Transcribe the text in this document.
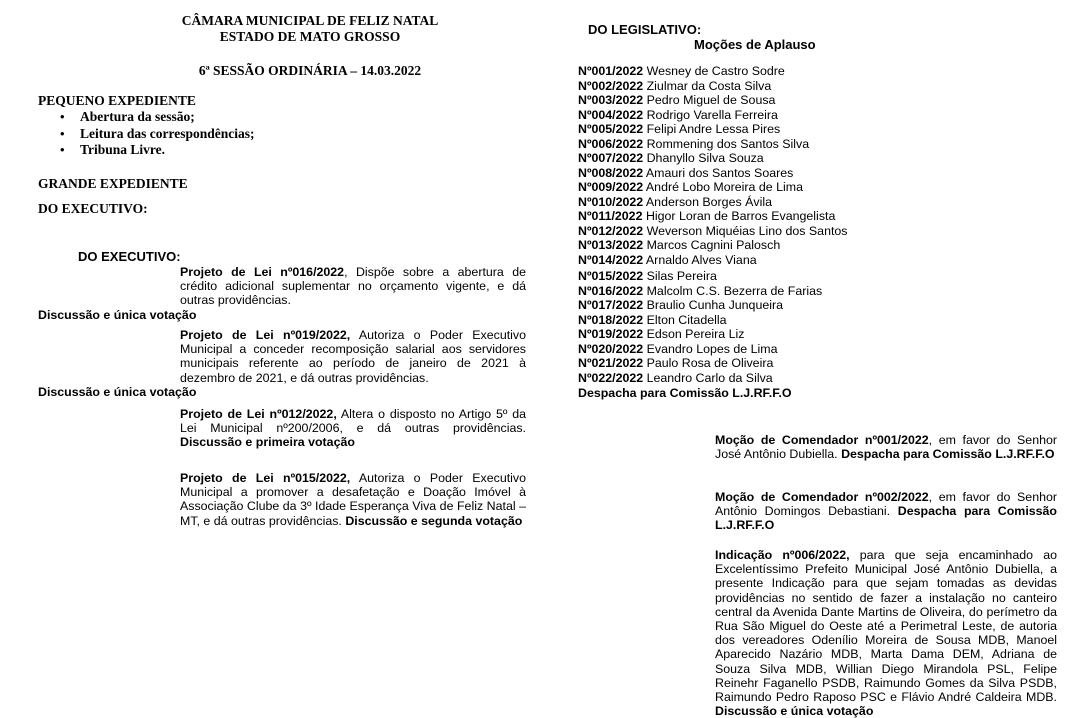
CÂMARA MUNICIPAL DE FELIZ NATAL
ESTADO DE MATO GROSSO
6ª SESSÃO ORDINÁRIA – 14.03.2022
PEQUENO EXPEDIENTE
• Abertura da sessão;
• Leitura das correspondências;
• Tribuna Livre.
GRANDE EXPEDIENTE
DO EXECUTIVO:
DO EXECUTIVO:
Projeto de Lei nº016/2022, Dispõe sobre a abertura de crédito adicional suplementar no orçamento vigente, e dá outras providências.
Discussão e única votação
Projeto de Lei nº019/2022, Autoriza o Poder Executivo Municipal a conceder recomposição salarial aos servidores municipais referente ao período de janeiro de 2021 à dezembro de 2021, e dá outras providências.
Discussão e única votação
Projeto de Lei nº012/2022, Altera o disposto no Artigo 5º da Lei Municipal nº200/2006, e dá outras providências. Discussão e primeira votação
Projeto de Lei nº015/2022, Autoriza o Poder Executivo Municipal a promover a desafetação e Doação Imóvel à Associação Clube da 3º Idade Esperança Viva de Feliz Natal – MT, e dá outras providências. Discussão e segunda votação
DO LEGISLATIVO:
Moções de Aplauso
Nº001/2022 Wesney de Castro Sodre
Nº002/2022 Ziulmar da Costa Silva
Nº003/2022 Pedro Miguel de Sousa
Nº004/2022 Rodrigo Varella Ferreira
Nº005/2022 Felipi Andre Lessa Pires
Nº006/2022 Rommening dos Santos Silva
Nº007/2022 Dhanyllo Silva Souza
Nº008/2022 Amauri dos Santos Soares
Nº009/2022 André Lobo Moreira de Lima
Nº010/2022 Anderson Borges Ávila
Nº011/2022 Higor Loran de Barros Evangelista
Nº012/2022 Weverson Miquéias Lino dos Santos
Nº013/2022 Marcos Cagnini Palosch
Nº014/2022 Arnaldo Alves Viana
Nº015/2022 Silas Pereira
Nº016/2022 Malcolm C.S. Bezerra de Farias
Nº017/2022 Braulio Cunha Junqueira
Nº018/2022 Elton Citadella
Nº019/2022 Edson Pereira Liz
Nº020/2022 Evandro Lopes de Lima
Nº021/2022 Paulo Rosa de Oliveira
Nº022/2022 Leandro Carlo da Silva
Despacha para Comissão L.J.RF.F.O
Moção de Comendador nº001/2022, em favor do Senhor José Antônio Dubiella. Despacha para Comissão L.J.RF.F.O
Moção de Comendador nº002/2022, em favor do Senhor Antônio Domingos Debastiani. Despacha para Comissão L.J.RF.F.O
Indicação nº006/2022, para que seja encaminhado ao Excelentíssimo Prefeito Municipal José Antônio Dubiella, a presente Indicação para que sejam tomadas as devidas providências no sentido de fazer a instalação no canteiro central da Avenida Dante Martins de Oliveira, do perímetro da Rua São Miguel do Oeste até a Perimetral Leste, de autoria dos vereadores Odenílio Moreira de Sousa MDB, Manoel Aparecido Nazário MDB, Marta Dama DEM, Adriana de Souza Silva MDB, Willian Diego Mirandola PSL, Felipe Reinehr Faganello PSDB, Raimundo Gomes da Silva PSDB, Raimundo Pedro Raposo PSC e Flávio André Caldeira MDB. Discussão e única votação
